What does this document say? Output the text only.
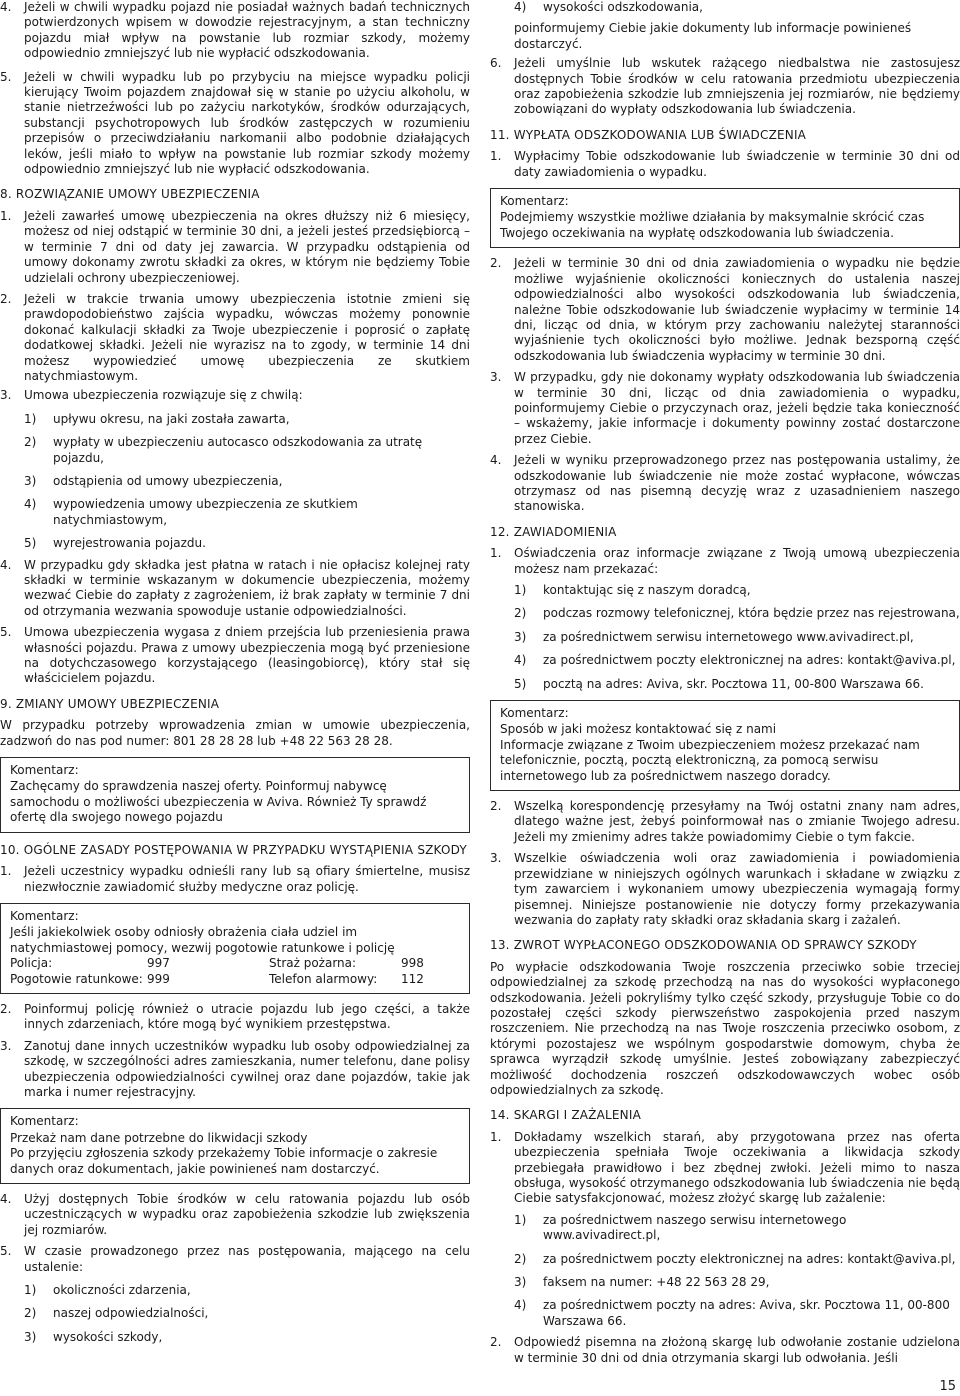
4.	Jeżeli w chwili wypadku pojazd nie posiadał ważnych badań technicznych potwierdzonych wpisem w dowodzie rejestracyjnym, a stan techniczny pojazdu miał wpływ na powstanie lub rozmiar szkody, możemy odpowiednio zmniejszyć lub nie wypłacić odszkodowania.

5.	Jeżeli w chwili wypadku lub po przybyciu na miejsce wypadku policji kierujący Twoim pojazdem znajdował się w stanie po użyciu alkoholu, w stanie nietrzeźwości lub po zażyciu narkotyków, środków odurzających, substancji psychotropowych lub środków zastępczych w rozumieniu przepisów o przeciwdziałaniu narkomanii albo podobnie działających leków, jeśli miało to wpływ na powstanie lub rozmiar szkody możemy odpowiednio zmniejszyć lub nie wypłacić odszkodowania.

8. ROZWIĄZANIE UMOWY UBEZPIECZENIA

1.	Jeżeli zawarłeś umowę ubezpieczenia na okres dłuższy niż 6 miesięcy, możesz od niej odstąpić w terminie 30 dni, a jeżeli jesteś przedsiębiorcą – w terminie 7 dni od daty jej zawarcia. W przypadku odstąpienia od umowy dokonamy zwrotu składki za okres, w którym nie będziemy Tobie udzielali ochrony ubezpieczeniowej.

2.	Jeżeli w trakcie trwania umowy ubezpieczenia istotnie zmieni się prawdopodobieństwo zajścia wypadku, wówczas możemy ponownie dokonać kalkulacji składki za Twoje ubezpieczenie i poprosić o zapłatę dodatkowej składki. Jeżeli nie wyrazisz na to zgody, w terminie 14 dni możesz wypowiedzieć umowę ubezpieczenia ze skutkiem natychmiastowym.

3.	Umowa ubezpieczenia rozwiązuje się z chwilą:

1)	upływu okresu, na jaki została zawarta,
2)	wypłaty w ubezpieczeniu autocasco odszkodowania za utratę pojazdu,
3)	odstąpienia od umowy ubezpieczenia,
4)	wypowiedzenia umowy ubezpieczenia ze skutkiem natychmiastowym,
5)	wyrejestrowania pojazdu.
4.	W przypadku gdy składka jest płatna w ratach i nie opłacisz kolejnej raty składki w terminie wskazanym w dokumencie ubezpieczenia, możemy wezwać Ciebie do zapłaty z zagrożeniem, iż brak zapłaty w terminie 7 dni od otrzymania wezwania spowoduje ustanie odpowiedzialności.

5.	Umowa ubezpieczenia wygasa z dniem przejścia lub przeniesienia prawa własności pojazdu. Prawa z umowy ubezpieczenia mogą być przeniesione na dotychczasowego korzystającego (leasingobiorcę), który stał się właścicielem pojazdu.

9. ZMIANY UMOWY UBEZPIECZENIA

W przypadku potrzeby wprowadzenia zmian w umowie ubezpieczenia, zadzwoń do nas pod numer: 801 28 28 28 lub +48 22 563 28 28.

Komentarz:

Zachęcamy do sprawdzenia naszej oferty. Poinformuj nabywcę samochodu o możliwości ubezpieczenia w Aviva. Również Ty sprawdź ofertę dla swojego nowego pojazdu

10. OGÓLNE ZASADY POSTĘPOWANIA W PRZYPADKU WYSTĄPIENIA SZKODY

1.	Jeżeli uczestnicy wypadku odnieśli rany lub są ofiary śmiertelne, musisz niezwłocznie zawiadomić służby medyczne oraz policję.

Komentarz:

Jeśli jakiekolwiek osoby odniosły obrażenia ciała udziel im natychmiastowej pomocy, wezwij pogotowie ratunkowe i policję

Policja:	997	Straż pożarna:	998
Pogotowie ratunkowe: 999	Telefon alarmowy:	112
2.	Poinformuj policję również o utracie pojazdu lub jego części, a także innych zdarzeniach, które mogą być wynikiem przestępstwa.

3.	Zanotuj dane innych uczestników wypadku lub osoby odpowiedzialnej za szkodę, w szczególności adres zamieszkania, numer telefonu, dane polisy ubezpieczenia odpowiedzialności cywilnej oraz dane pojazdów, takie jak marka i numer rejestracyjny.

Komentarz:

Przekaż nam dane potrzebne do likwidacji szkody

Po przyjęciu zgłoszenia szkody przekażemy Tobie informacje o zakresie danych oraz dokumentach, jakie powinieneś nam dostarczyć.

4.	Użyj dostępnych Tobie środków w celu ratowania pojazdu lub osób uczestniczących w wypadku oraz zapobieżenia szkodzie lub zwiększenia jej rozmiarów.

5.	W czasie prowadzonego przez nas postępowania, mającego na celu ustalenie:

1)	okoliczności zdarzenia,
2)	naszej odpowiedzialności,
3)	wysokości szkody,
4)	wysokości odszkodowania,

poinformujemy Ciebie jakie dokumenty lub informacje powinieneś dostarczyć.

6.	Jeżeli umyślnie lub wskutek rażącego niedbalstwa nie zastosujesz dostępnych Tobie środków w celu ratowania przedmiotu ubezpieczenia oraz zapobieżenia szkodzie lub zmniejszenia jej rozmiarów, nie będziemy zobowiązani do wypłaty odszkodowania lub świadczenia.

11. WYPŁATA ODSZKODOWANIA LUB ŚWIADCZENIA

1.	Wypłacimy Tobie odszkodowanie lub świadczenie w terminie 30 dni od daty zawiadomienia o wypadku.

Komentarz:

Podejmiemy wszystkie możliwe działania by maksymalnie skrócić czas Twojego oczekiwania na wypłatę odszkodowania lub świadczenia.

2.	Jeżeli w terminie 30 dni od dnia zawiadomienia o wypadku nie będzie możliwe wyjaśnienie okoliczności koniecznych do ustalenia naszej odpowiedzialności albo wysokości odszkodowania lub świadczenia, należne Tobie odszkodowanie lub świadczenie wypłacimy w terminie 14 dni, licząc od dnia, w którym przy zachowaniu należytej staranności wyjaśnienie tych okoliczności było możliwe. Jednak bezsporną część odszkodowania lub świadczenia wypłacimy w terminie 30 dni.

3.	W przypadku, gdy nie dokonamy wypłaty odszkodowania lub świadczenia w terminie 30 dni, licząc od dnia zawiadomienia o wypadku, poinformujemy Ciebie o przyczynach oraz, jeżeli będzie taka konieczność – wskażemy, jakie informacje i dokumenty powinny zostać dostarczone przez Ciebie.

4.	Jeżeli w wyniku przeprowadzonego przez nas postępowania ustalimy, że odszkodowanie lub świadczenie nie może zostać wypłacone, wówczas otrzymasz od nas pisemną decyzję wraz z uzasadnieniem naszego stanowiska.

12. ZAWIADOMIENIA

1.	Oświadczenia oraz informacje związane z Twoją umową ubezpieczenia możesz nam przekazać:

1)	kontaktując się z naszym doradcą,
2)	podczas rozmowy telefonicznej, która będzie przez nas rejestrowana,
3)	za pośrednictwem serwisu internetowego www.avivadirect.pl,
4)	za pośrednictwem poczty elektronicznej na adres: kontakt@aviva.pl,
5)	pocztą na adres: Aviva, skr. Pocztowa 11, 00-800 Warszawa 66.

Komentarz:

Sposób w jaki możesz kontaktować się z nami

Informacje związane z Twoim ubezpieczeniem możesz przekazać nam telefonicznie, pocztą, pocztą elektroniczną, za pomocą serwisu internetowego lub za pośrednictwem naszego doradcy.

2.	Wszelką korespondencję przesyłamy na Twój ostatni znany nam adres, dlatego ważne jest, żebyś poinformował nas o zmianie Twojego adresu. Jeżeli my zmienimy adres także powiadomimy Ciebie o tym fakcie.

3.	Wszelkie oświadczenia woli oraz zawiadomienia i powiadomienia przewidziane w niniejszych ogólnych warunkach i składane w związku z tym zawarciem i wykonaniem umowy ubezpieczenia wymagają formy pisemnej. Niniejsze postanowienie nie dotyczy formy przekazywania wezwania do zapłaty raty składki oraz składania skarg i zażaleń.

13. ZWROT WYPŁACONEGO ODSZKODOWANIA OD SPRAWCY SZKODY

Po wypłacie odszkodowania Twoje roszczenia przeciwko sobie trzeciej odpowiedzialnej za szkodę przechodzą na nas do wysokości wypłaconego odszkodowania. Jeżeli pokryliśmy tylko część szkody, przysługuje Tobie co do pozostałej części szkody pierwszeństwo zaspokojenia przed naszym roszczeniem. Nie przechodzą na nas Twoje roszczenia przeciwko osobom, z którymi pozostajesz we wspólnym gospodarstwie domowym, chyba że sprawca wyrządził szkodę umyślnie. Jesteś zobowiązany zabezpieczyć możliwość dochodzenia roszczeń odszkodowawczych wobec osób odpowiedzialnych za szkodę.

14. SKARGI I ZAŻALENIA

1.	Dokładamy wszelkich starań, aby przygotowana przez nas oferta ubezpieczenia spełniała Twoje oczekiwania a likwidacja szkody przebiegała prawidłowo i bez zbędnej zwłoki. Jeżeli mimo to nasza obsługa, wysokość otrzymanego odszkodowania lub świadczenia nie będą Ciebie satysfakcjonować, możesz złożyć skargę lub zażalenie:

1)	za pośrednictwem naszego serwisu internetowego www.avivadirect.pl,
2)	za pośrednictwem poczty elektronicznej na adres: kontakt@aviva.pl,
3)	faksem na numer: +48 22 563 28 29,
4)	za pośrednictwem poczty na adres: Aviva, skr. Pocztowa 11, 00-800 Warszawa 66.
2.	Odpowiedź pisemna na złożoną skargę lub odwołanie zostanie udzielona w terminie 30 dni od dnia otrzymania skargi lub odwołania. Jeśli

15
